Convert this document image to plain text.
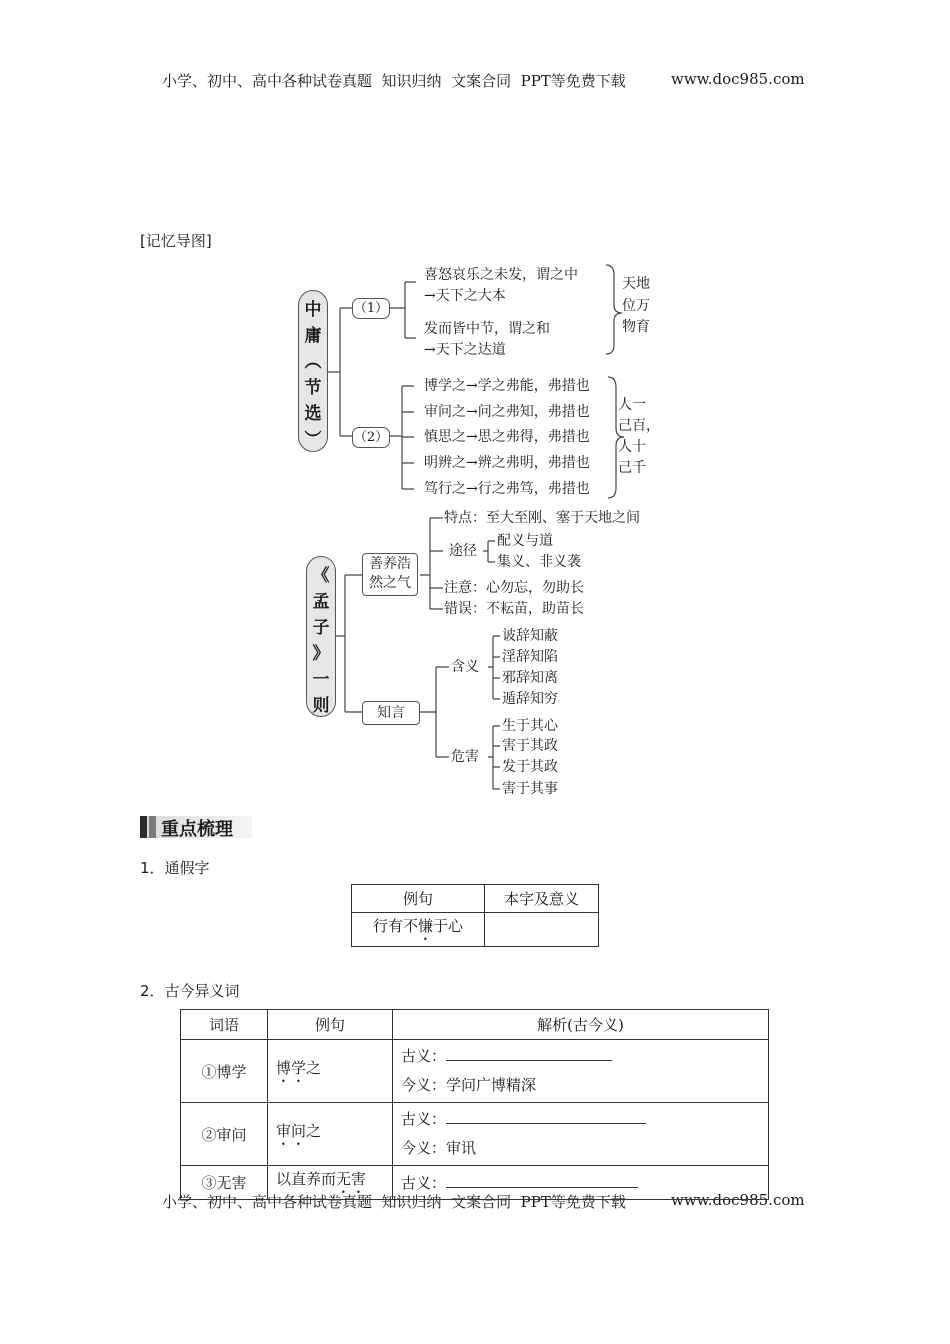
小学、初中、高中各种试卷真题  知识归纳  文案合同  PPT等免费下载	www.doc985.com
小学、初中、高中各种试卷真题  知识归纳  文案合同  PPT等免费下载	www.doc985.com
[记忆导图]
中
庸
︵
节
选
︶
（1）
（2）
喜怒哀乐之未发，谓之中
→天下之大本
发而皆中节，谓之和
→天下之达道
天地
位万
物育
博学之→学之弗能，弗措也
审问之→问之弗知，弗措也
慎思之→思之弗得，弗措也
明辨之→辨之弗明，弗措也
笃行之→行之弗笃，弗措也
人一
己百，
人十
己千
《
孟
子
》
一
则
善养浩
然之气
特点：至大至刚、塞于天地之间
途径
配义与道
集义、非义袭
注意：心勿忘，勿助长
错误：不耘苗，助苗长
知言
含义
诐辞知蔽
淫辞知陷
邪辞知离
遁辞知穷
危害
生于其心
害于其政
发于其政
害于其事
重点梳理
1．通假字
例句	本字及意义
行有不慊于心	
2．古今异义词
词语	例句	解析(古今义)
①博学	博学之	古义：
今义：学问广博精深

②审问	审问之	古义：
今义：审讯

③无害	以直养而无害	古义：
